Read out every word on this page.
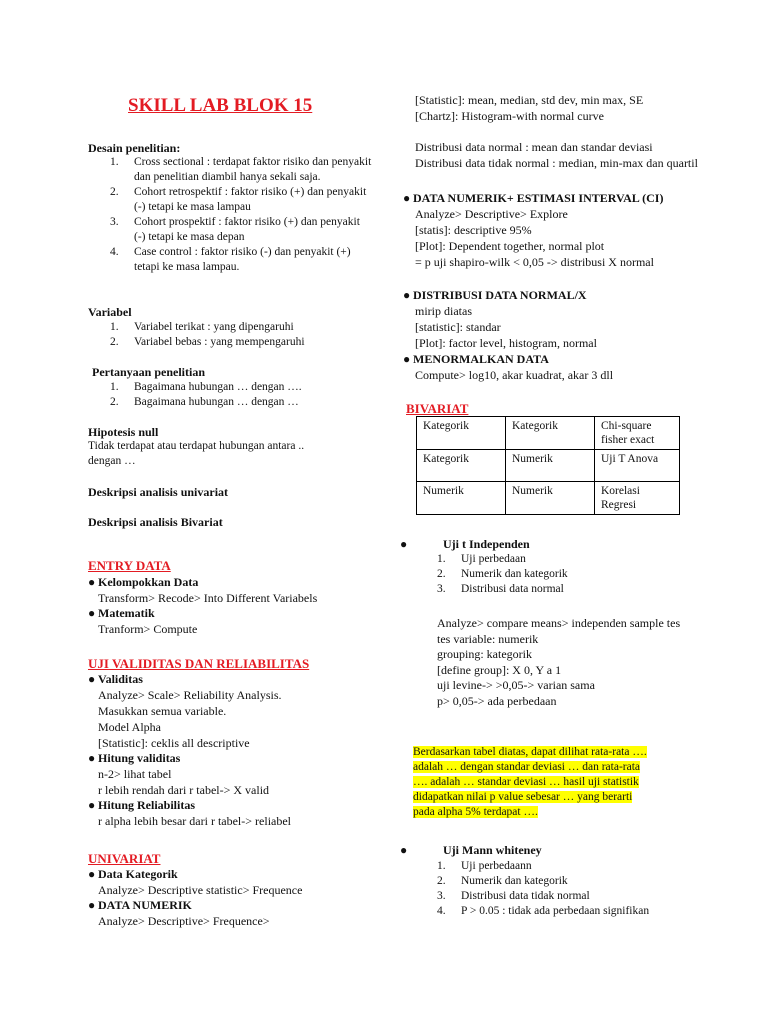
SKILL LAB BLOK 15
Desain penelitian:
1. Cross sectional : terdapat faktor risiko dan penyakit dan penelitian diambil hanya sekali saja.
2. Cohort retrospektif : faktor risiko (+) dan penyakit (-) tetapi ke masa lampau
3. Cohort prospektif : faktor risiko (+) dan penyakit (-) tetapi ke masa depan
4. Case control : faktor risiko (-) dan penyakit (+) tetapi ke masa lampau.
Variabel
1. Variabel terikat : yang dipengaruhi
2. Variabel bebas : yang mempengaruhi
Pertanyaan penelitian
1. Bagaimana hubungan … dengan ….
2. Bagaimana hubungan … dengan …
Hipotesis null
Tidak terdapat atau terdapat hubungan antara .. dengan …
Deskripsi analisis univariat
Deskripsi analisis Bivariat
ENTRY DATA
● Kelompokkan Data
Transform> Recode> Into Different Variabels
● Matematik
Tranform> Compute
UJI VALIDITAS DAN RELIABILITAS
● Validitas
Analyze> Scale> Reliability Analysis.
Masukkan semua variable.
Model Alpha
[Statistic]: ceklis all descriptive
● Hitung validitas
n-2> lihat tabel
r lebih rendah dari r tabel-> X valid
● Hitung Reliabilitas
r alpha lebih besar dari r tabel-> reliabel
UNIVARIAT
● Data Kategorik
Analyze> Descriptive statistic> Frequence
● DATA NUMERIK
Analyze> Descriptive> Frequence>
[Statistic]: mean, median, std dev, min max, SE
[Chartz]: Histogram-with normal curve
Distribusi data normal : mean dan standar deviasi
Distribusi data tidak normal : median, min-max dan quartil
● DATA NUMERIK+ ESTIMASI INTERVAL (CI)
Analyze> Descriptive> Explore
[statis]: descriptive 95%
[Plot]: Dependent together, normal plot
= p uji shapiro-wilk < 0,05 -> distribusi X normal
● DISTRIBUSI DATA NORMAL/X
mirip diatas
[statistic]: standar
[Plot]: factor level, histogram, normal
● MENORMALKAN DATA
Compute> log10, akar kuadrat, akar 3 dll
BIVARIAT
Kategorik	Kategorik	Chi-square fisher exact
Kategorik	Numerik	Uji T Anova
Numerik	Numerik	Korelasi Regresi
●	Uji t Independen
1. Uji perbedaan
2. Numerik dan kategorik
3. Distribusi data normal
Analyze> compare means> independen sample tes
tes variable: numerik
grouping: kategorik
[define group]: X 0, Y a 1
uji levine-> >0,05-> varian sama
p> 0,05-> ada perbedaan
Berdasarkan tabel diatas, dapat dilihat rata-rata ….
adalah … dengan standar deviasi … dan rata-rata
…. adalah … standar deviasi … hasil uji statistik
didapatkan nilai p value sebesar … yang berarti
pada alpha 5% terdapat ….
●	Uji Mann whiteney
1. Uji perbedaann
2. Numerik dan kategorik
3. Distribusi data tidak normal
4. P > 0.05 : tidak ada perbedaan signifikan
